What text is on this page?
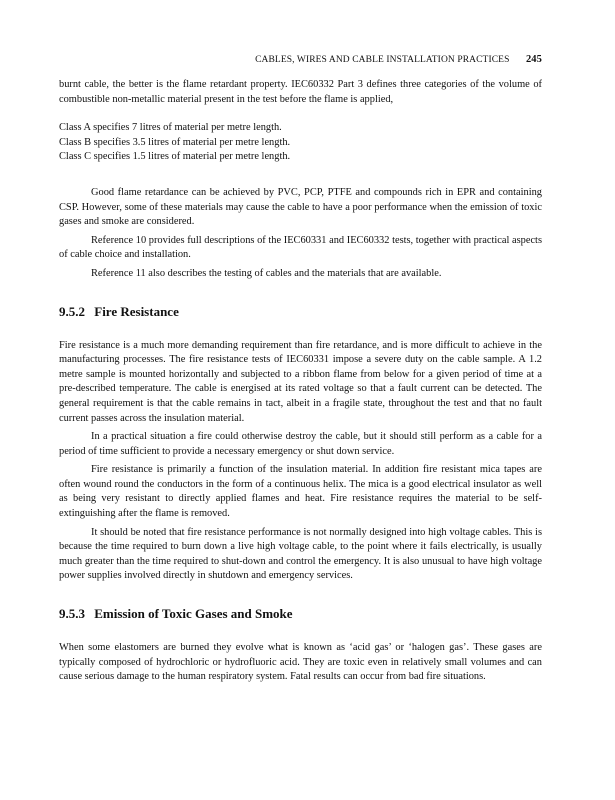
CABLES, WIRES AND CABLE INSTALLATION PRACTICES 245

burnt cable, the better is the flame retardant property. IEC60332 Part 3 defines three categories of the volume of combustible non-metallic material present in the test before the flame is applied,

Class A specifies 7 litres of material per metre length.
Class B specifies 3.5 litres of material per metre length.
Class C specifies 1.5 litres of material per metre length.

Good flame retardance can be achieved by PVC, PCP, PTFE and compounds rich in EPR and containing CSP. However, some of these materials may cause the cable to have a poor performance when the emission of toxic gases and smoke are considered.

Reference 10 provides full descriptions of the IEC60331 and IEC60332 tests, together with practical aspects of cable choice and installation.

Reference 11 also describes the testing of cables and the materials that are available.

9.5.2 Fire Resistance

Fire resistance is a much more demanding requirement than fire retardance, and is more difficult to achieve in the manufacturing processes. The fire resistance tests of IEC60331 impose a severe duty on the cable sample. A 1.2 metre sample is mounted horizontally and subjected to a ribbon flame from below for a given period of time at a pre-described temperature. The cable is energised at its rated voltage so that a fault current can be detected. The general requirement is that the cable remains in tact, albeit in a fragile state, throughout the test and that no fault current passes across the insulation material.

In a practical situation a fire could otherwise destroy the cable, but it should still perform as a cable for a period of time sufficient to provide a necessary emergency or shut down service.

Fire resistance is primarily a function of the insulation material. In addition fire resistant mica tapes are often wound round the conductors in the form of a continuous helix. The mica is a good electrical insulator as well as being very resistant to directly applied flames and heat. Fire resistance requires the material to be self-extinguishing after the flame is removed.

It should be noted that fire resistance performance is not normally designed into high voltage cables. This is because the time required to burn down a live high voltage cable, to the point where it fails electrically, is usually much greater than the time required to shut-down and control the emergency. It is also unusual to have high voltage power supplies involved directly in shutdown and emergency services.

9.5.3 Emission of Toxic Gases and Smoke

When some elastomers are burned they evolve what is known as ‘acid gas’ or ‘halogen gas’. These gases are typically composed of hydrochloric or hydrofluoric acid. They are toxic even in relatively small volumes and can cause serious damage to the human respiratory system. Fatal results can occur from bad fire situations.
